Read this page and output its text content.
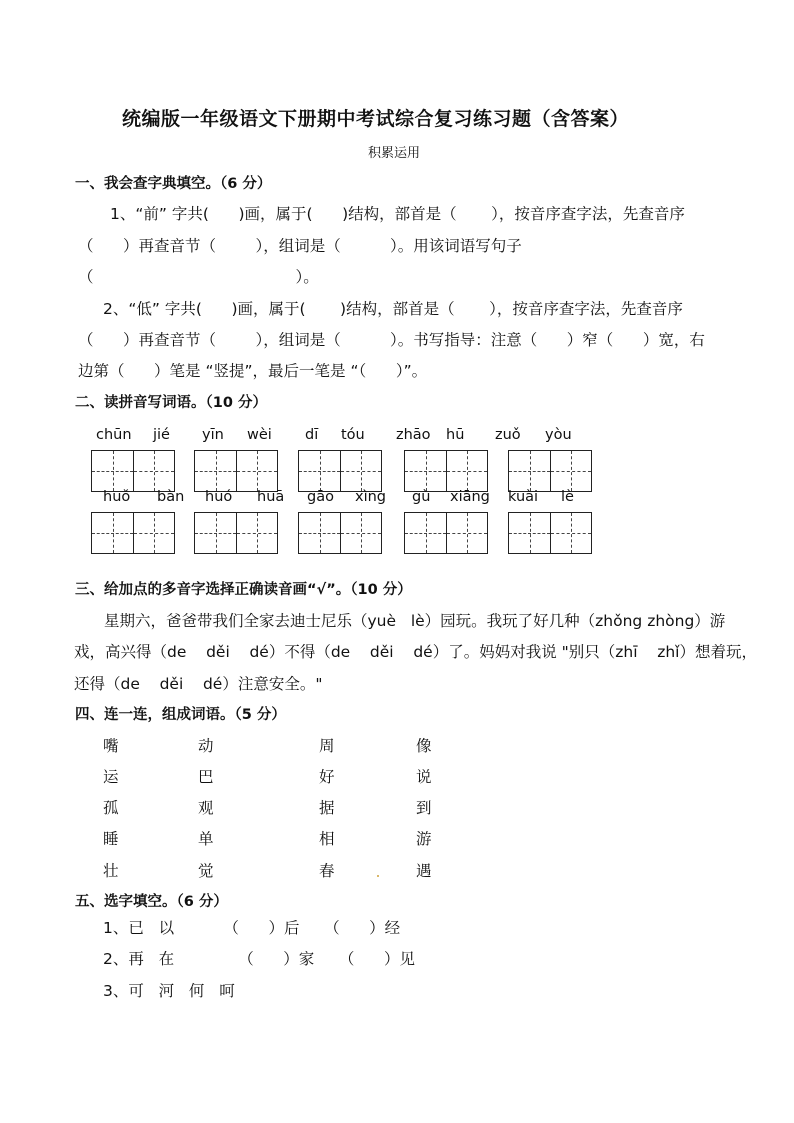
统编版一年级语文下册期中考试综合复习练习题（含答案）
积累运用
一、我会查字典填空。（6 分）
1、“前” 字共(      )画，属于(      )结构，部首是（       ），按音序查字法，先查音序
（      ）再查音节（        ），组词是（          ）。用该词语写句子
（                                         ）。
2、“低” 字共(      )画，属于(       )结构，部首是（       ），按音序查字法，先查音序
（      ）再查音节（        ），组词是（          ）。书写指导：注意（      ）窄（      ）宽，右
边第（      ）笔是 “竖提”，最后一笔是 “（      ）”。
二、读拼音写词语。（10 分）
chūn jié yīn wèi dī tóu zhāo hū zuǒ yòu
huǒ bàn huó huā gāo xìng gù xiāng kuài lè
三、给加点的多音字选择正确读音画“√”。（10 分）
星期六，爸爸带我们全家去迪士尼乐（yuè   lè）园玩。我玩了好几种（zhǒng zhòng）游
戏，高兴得（de    děi    dé）不得（de    děi    dé）了。妈妈对我说 "别只（zhī    zhǐ）想着玩，
还得（de    děi    dé）注意安全。"
四、连一连，组成词语。（5 分）
嘴
运
孤
睡
壮
动
巴
观
单
觉
周
好
据
相
春
像
说
到
游
遇
五、选字填空。（6 分）
1、已   以          （      ）后     （      ）经
2、再   在             （      ）家     （      ）见
3、可   河   何   呵
